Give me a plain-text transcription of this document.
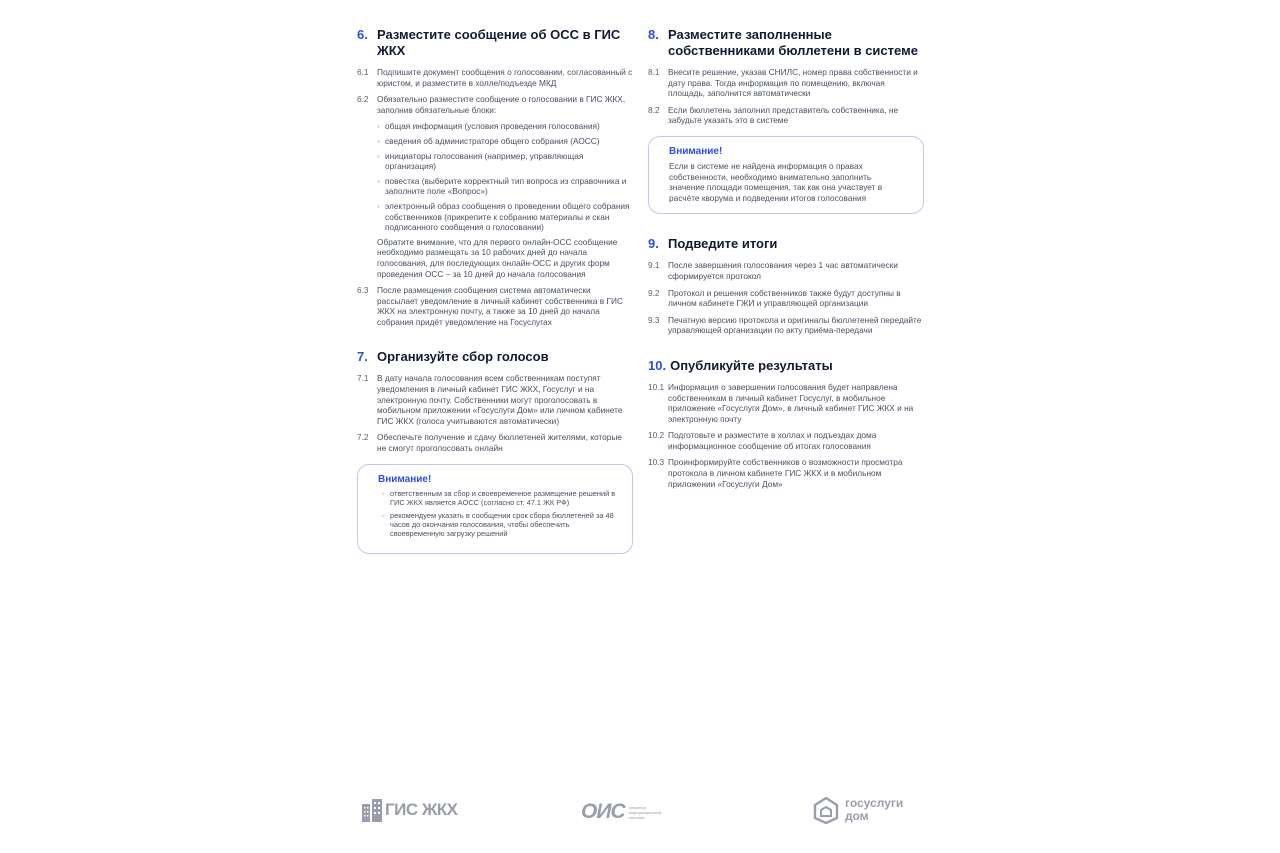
6. Разместите сообщение об ОСС в ГИС ЖКХ
6.1	Подпишите документ сообщения о голосовании, согласованный с юристом, и разместите в холле/подъезде МКД
6.2	Обязательно разместите сообщение о голосовании в ГИС ЖКХ, заполнив обязательные блоки:
◦ общая информация (условия проведения голосования)
◦ сведения об администраторе общего собрания (АОСС)
◦ инициаторы голосования (например, управляющая организация)
◦ повестка (выберите корректный тип вопроса из справочника и заполните поле «Вопрос»)
◦ электронный образ сообщения о проведении общего собрания собственников (прикрепите к собранию материалы и скан подписанного сообщения о голосовании)
Обратите внимание, что для первого онлайн-ОСС сообщение необходимо размещать за 10 рабочих дней до начала голосования, для последующих онлайн-ОСС и других форм проведения ОСС – за 10 дней до начала голосования
6.3	После размещения сообщения система автоматически рассылает уведомление в личный кабинет собственника в ГИС ЖКХ на электронную почту, а также за 10 дней до начала собрания придёт уведомление на Госуслугах
7. Организуйте сбор голосов
7.1	В дату начала голосования всем собственникам поступят уведомления в личный кабинет ГИС ЖКХ, Госуслуг и на электронную почту. Собственники могут проголосовать в мобильном приложении «Госуслуги Дом» или личном кабинете ГИС ЖКХ (голоса учитываются автоматически)
7.2	Обеспечьте получение и сдачу бюллетеней жителями, которые не смогут проголосовать онлайн
Внимание!
◦ ответственным за сбор и своевременное размещение решений в ГИС ЖКХ является АОСС (согласно ст. 47.1 ЖК РФ)
◦ рекомендуем указать в сообщении срок сбора бюллетеней за 48 часов до окончания голосования, чтобы обеспечить своевременную загрузку решений
8. Разместите заполненные собственниками бюллетени в системе
8.1	Внесите решение, указав СНИЛС, номер права собственности и дату права. Тогда информация по помещению, включая площадь, заполнится автоматически
8.2	Если бюллетень заполнил представитель собственника, не забудьте указать это в системе
Внимание!
Если в системе не найдена информация о правах собственности, необходимо внимательно заполнить значение площади помещения, так как она участвует в расчёте кворума и подведении итогов голосования
9. Подведите итоги
9.1	После завершения голосования через 1 час автоматически сформируется протокол
9.2	Протокол и решения собственников также будут доступны в личном кабинете ГЖИ и управляющей организации
9.3	Печатную версию протокола и оригиналы бюллетеней передайте управляющей организации по акту приёма-передачи
10. Опубликуйте результаты
10.1 Информация о завершении голосования будет направлена собственникам в личный кабинет Госуслуг, в мобильное приложение «Госуслуги Дом», в личный кабинет ГИС ЖКХ и на электронную почту
10.2 Подготовьте и разместите в холлах и подъездах дома информационное сообщение об итогах голосования
10.3 Проинформируйте собственников о возможности просмотра протокола в личном кабинете ГИС ЖКХ и в мобильном приложении «Госуслуги Дом»
ГИС ЖКХ	ОИС оператор информационной системы
госуслуги
дом
